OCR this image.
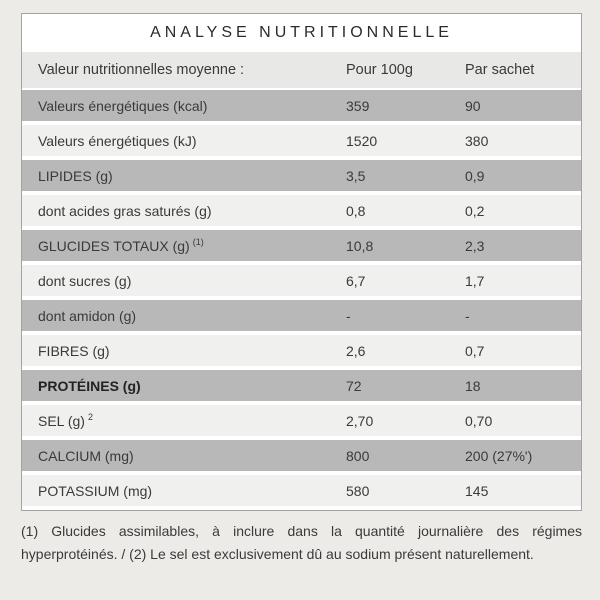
ANALYSE NUTRITIONNELLE
Valeur nutritionnelles moyenne :	Pour 100g	Par sachet
Valeurs énergétiques (kcal)	359	90
Valeurs énergétiques (kJ)	1520	380
LIPIDES (g)	3,5	0,9
dont acides gras saturés (g)	0,8	0,2
GLUCIDES TOTAUX (g) $^{(1)}$	10,8	2,3
dont sucres (g)	6,7	1,7
dont amidon (g)	-	-
FIBRES (g)	2,6	0,7
PROTÉINES (g)	72	18
SEL (g) $^2$	2,70	0,70
CALCIUM (mg)	800	200 (27%')
POTASSIUM (mg)	580	145

(1) Glucides assimilables, à inclure dans la quantité journalière des régimes hyperprotéinés. / (2) Le sel est exclusivement dû au sodium présent naturellement.
